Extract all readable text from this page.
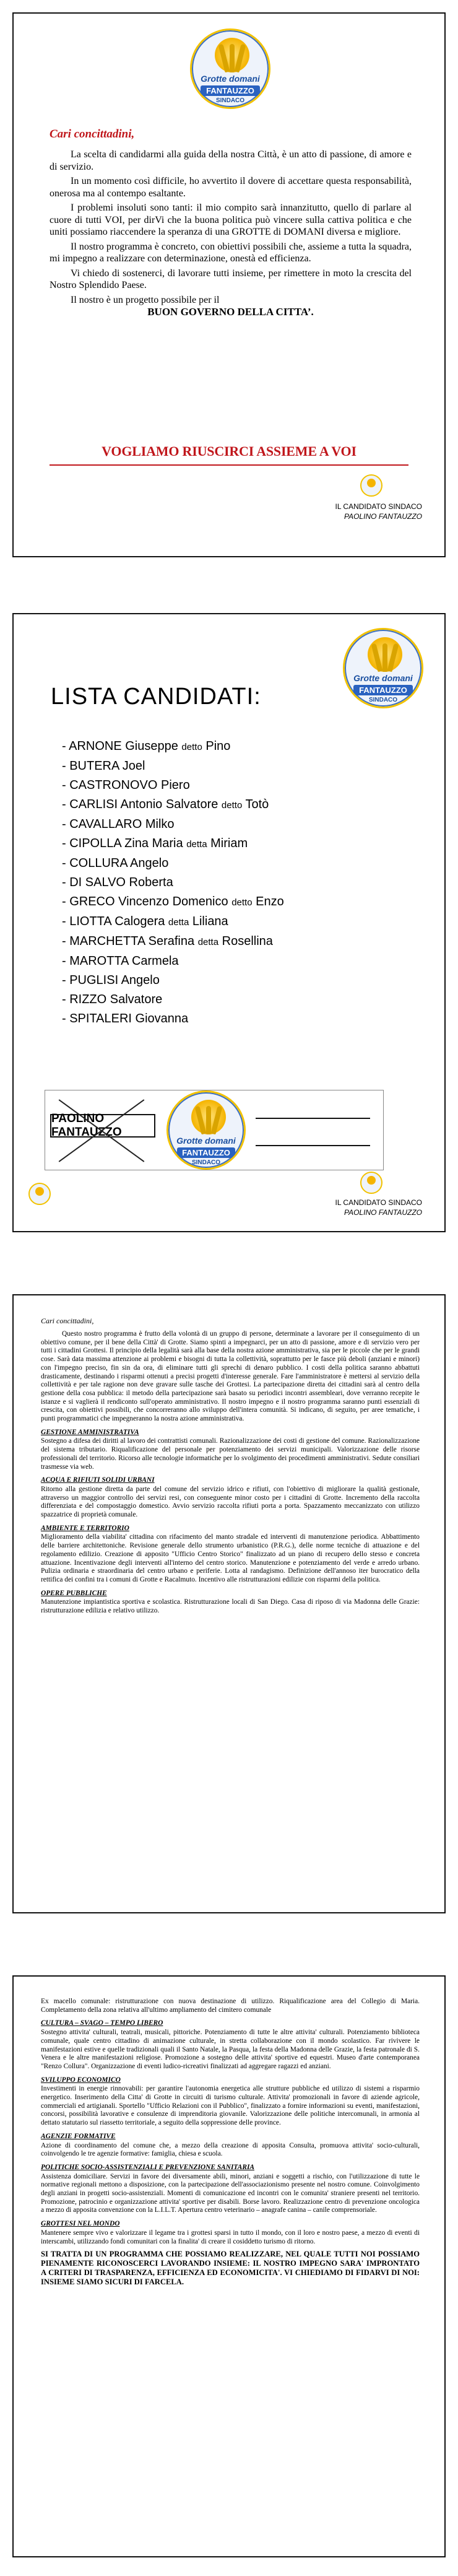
Grotte domani
FANTAUZZO
SINDACO
Cari concittadini,

La scelta di candidarmi alla guida della nostra Città, è un atto di passione, di amore e di servizio.

In un momento così difficile, ho avvertito il dovere di accettare questa responsabilità, onerosa ma al contempo esaltante.

I problemi insoluti sono tanti: il mio compito sarà innanzitutto, quello di parlare al cuore di tutti VOI, per dirVi che la buona politica può vincere sulla cattiva politica e che uniti possiamo riaccendere la speranza di una GROTTE di DOMANI diversa e migliore.

Il nostro programma è concreto, con obiettivi possibili che, assieme a tutta la squadra, mi impegno a realizzare con determinazione, onestà ed efficienza.

Vi chiedo di sostenerci, di lavorare tutti insieme, per rimettere in moto la crescita del Nostro Splendido Paese.

Il nostro è un progetto possibile per il
BUON GOVERNO DELLA CITTA’.
VOGLIAMO RIUSCIRCI ASSIEME A VOI
IL CANDIDATO SINDACO
PAOLINO FANTAUZZO
Grotte domani
FANTAUZZO
SINDACO
LISTA CANDIDATI:
- ARNONE Giuseppe detto Pino
- BUTERA Joel
- CASTRONOVO Piero
- CARLISI Antonio Salvatore detto Totò
- CAVALLARO Milko
- CIPOLLA Zina Maria detta Miriam
- COLLURA Angelo
- DI SALVO Roberta
- GRECO Vincenzo Domenico detto Enzo
- LIOTTA Calogera detta Liliana
- MARCHETTA Serafina detta Rosellina
- MAROTTA Carmela
- PUGLISI Angelo
- RIZZO Salvatore
- SPITALERI Giovanna
PAOLINO FANTAUZZO
Grotte domani
FANTAUZZO
SINDACO
IL CANDIDATO SINDACO
PAOLINO FANTAUZZO
Cari concittadini,

Questo nostro programma è frutto della volontà di un gruppo di persone, determinate a lavorare per il conseguimento di un obiettivo comune, per il bene della Città' di Grotte. Siamo spinti a impegnarci, per un atto di passione, amore e di servizio vero per tutti i cittadini Grottesi. Il principio della legalità sarà alla base della nostra azione amministrativa, sia per le piccole che per le grandi cose. Sarà data massima attenzione ai problemi e bisogni di tutta la collettività, soprattutto per le fasce più deboli (anziani e minori) con l'impegno preciso, fin sin da ora, di eliminare tutti gli sprechi di denaro pubblico. I costi della politica saranno abbattuti drasticamente, destinando i risparmi ottenuti a precisi progetti d'interesse generale. Fare l'amministratore è mettersi al servizio della collettività e per tale ragione non deve gravare sulle tasche dei Grottesi. La partecipazione diretta dei cittadini sarà al centro della gestione della cosa pubblica: il metodo della partecipazione sarà basato su periodici incontri assembleari, dove verranno recepite le istanze e si vaglierà il rendiconto sull'operato amministrativo. Il nostro impegno e il nostro programma saranno punti essenziali di crescita, con obiettivi possibili, che concorreranno allo sviluppo dell'intera comunità. Si indicano, di seguito, per aree tematiche, i punti programmatici che impegneranno la nostra azione amministrativa.

GESTIONE AMMINISTRATIVA

Sostegno a difesa dei diritti al lavoro dei contrattisti comunali. Razionalizzazione dei costi di gestione del comune. Razionalizzazione del sistema tributario. Riqualificazione del personale per potenziamento dei servizi municipali. Valorizzazione delle risorse professionali del territorio. Ricorso alle tecnologie informatiche per lo svolgimento dei procedimenti amministrativi. Sedute consiliari trasmesse via web.

ACQUA E RIFIUTI SOLIDI URBANI

Ritorno alla gestione diretta da parte del comune del servizio idrico e rifiuti, con l'obiettivo di migliorare la qualità gestionale, attraverso un maggior controllo dei servizi resi, con conseguente minor costo per i cittadini di Grotte. Incremento della raccolta differenziata e del compostaggio domestico. Avvio servizio raccolta rifiuti porta a porta. Spazzamento meccanizzato con utilizzo spazzatrice di proprietà comunale.

AMBIENTE E TERRITORIO

Miglioramento della viabilita' cittadina con rifacimento del manto stradale ed interventi di manutenzione periodica. Abbattimento delle barriere architettoniche. Revisione generale dello strumento urbanistico (P.R.G.), delle norme tecniche di attuazione e del regolamento edilizio. Creazione di apposito "Ufficio Centro Storico" finalizzato ad un piano di recupero dello stesso e concreta attuazione. Incentivazione degli interventi all'interno del centro storico. Manutenzione e potenziamento del verde e arredo urbano. Pulizia ordinaria e straordinaria del centro urbano e periferie. Lotta al randagismo. Definizione dell'annoso iter burocratico della rettifica dei confini tra i comuni di Grotte e Racalmuto. Incentivo alle ristrutturazioni edilizie con risparmi della politica.

OPERE PUBBLICHE

Manutenzione impiantistica sportiva e scolastica. Ristrutturazione locali di San Diego. Casa di riposo di via Madonna delle Grazie: ristrutturazione edilizia e relativo utilizzo.

Ex macello comunale: ristrutturazione con nuova destinazione di utilizzo. Riqualificazione area del Collegio di Maria. Completamento della zona relativa all'ultimo ampliamento del cimitero comunale

CULTURA – SVAGO – TEMPO LIBERO

Sostegno attivita' culturali, teatrali, musicali, pittoriche. Potenziamento di tutte le altre attivita' culturali. Potenziamento biblioteca comunale, quale centro cittadino di animazione culturale, in stretta collaborazione con il mondo scolastico. Far rivivere le manifestazioni estive e quelle tradizionali quali il Santo Natale, la Pasqua, la festa della Madonna delle Grazie, la festa patronale di S. Venera e le altre manifestazioni religiose. Promozione a sostegno delle attivita' sportive ed equestri. Museo d'arte contemporanea "Renzo Collura". Organizzazione di eventi ludico-ricreativi finalizzati ad aggregare ragazzi ed anziani.

SVILUPPO ECONOMICO

Investimenti in energie rinnovabili: per garantire l'autonomia energetica alle strutture pubbliche ed utilizzo di sistemi a risparmio energetico. Inserimento della Citta' di Grotte in circuiti di turismo culturale. Attivita' promozionali in favore di aziende agricole, commerciali ed artigianali. Sportello "Ufficio Relazioni con il Pubblico", finalizzato a fornire informazioni su eventi, manifestazioni, concorsi, possibilità lavorative e consulenze di imprenditoria giovanile. Valorizzazione delle politiche intercomunali, in armonia al dettato statutario sul riassetto territoriale, a seguito della soppressione delle province.

AGENZIE FORMATIVE

Azione di coordinamento del comune che, a mezzo della creazione di apposita Consulta, promuova attivita' socio-culturali, coinvolgendo le tre agenzie formative: famiglia, chiesa e scuola.

POLITICHE SOCIO-ASSISTENZIALI E PREVENZIONE SANITARIA

Assistenza domiciliare. Servizi in favore dei diversamente abili, minori, anziani e soggetti a rischio, con l'utilizzazione di tutte le normative regionali mettono a disposizione, con la partecipazione dell'associazionismo presente nel nostro comune. Coinvolgimento degli anziani in progetti socio-assistenziali. Momenti di comunicazione ed incontri con le comunita' straniere presenti nel territorio. Promozione, patrocinio e organizzazione attivita' sportive per disabili. Borse lavoro. Realizzazione centro di prevenzione oncologica a mezzo di apposita convenzione con la L.I.L.T. Apertura centro veterinario – anagrafe canina – canile comprensoriale.

GROTTESI NEL MONDO

Mantenere sempre vivo e valorizzare il legame tra i grottesi sparsi in tutto il mondo, con il loro e nostro paese, a mezzo di eventi di interscambi, utilizzando fondi comunitari con la finalita' di creare il cosiddetto turismo di ritorno.

SI TRATTA DI UN PROGRAMMA CHE POSSIAMO REALIZZARE, NEL QUALE TUTTI NOI POSSIAMO PIENAMENTE RICONOSCERCI LAVORANDO INSIEME: IL NOSTRO IMPEGNO SARA' IMPRONTATO A CRITERI DI TRASPARENZA, EFFICIENZA ED ECONOMICITA'. VI CHIEDIAMO DI FIDARVI DI NOI: INSIEME SIAMO SICURI DI FARCELA.
